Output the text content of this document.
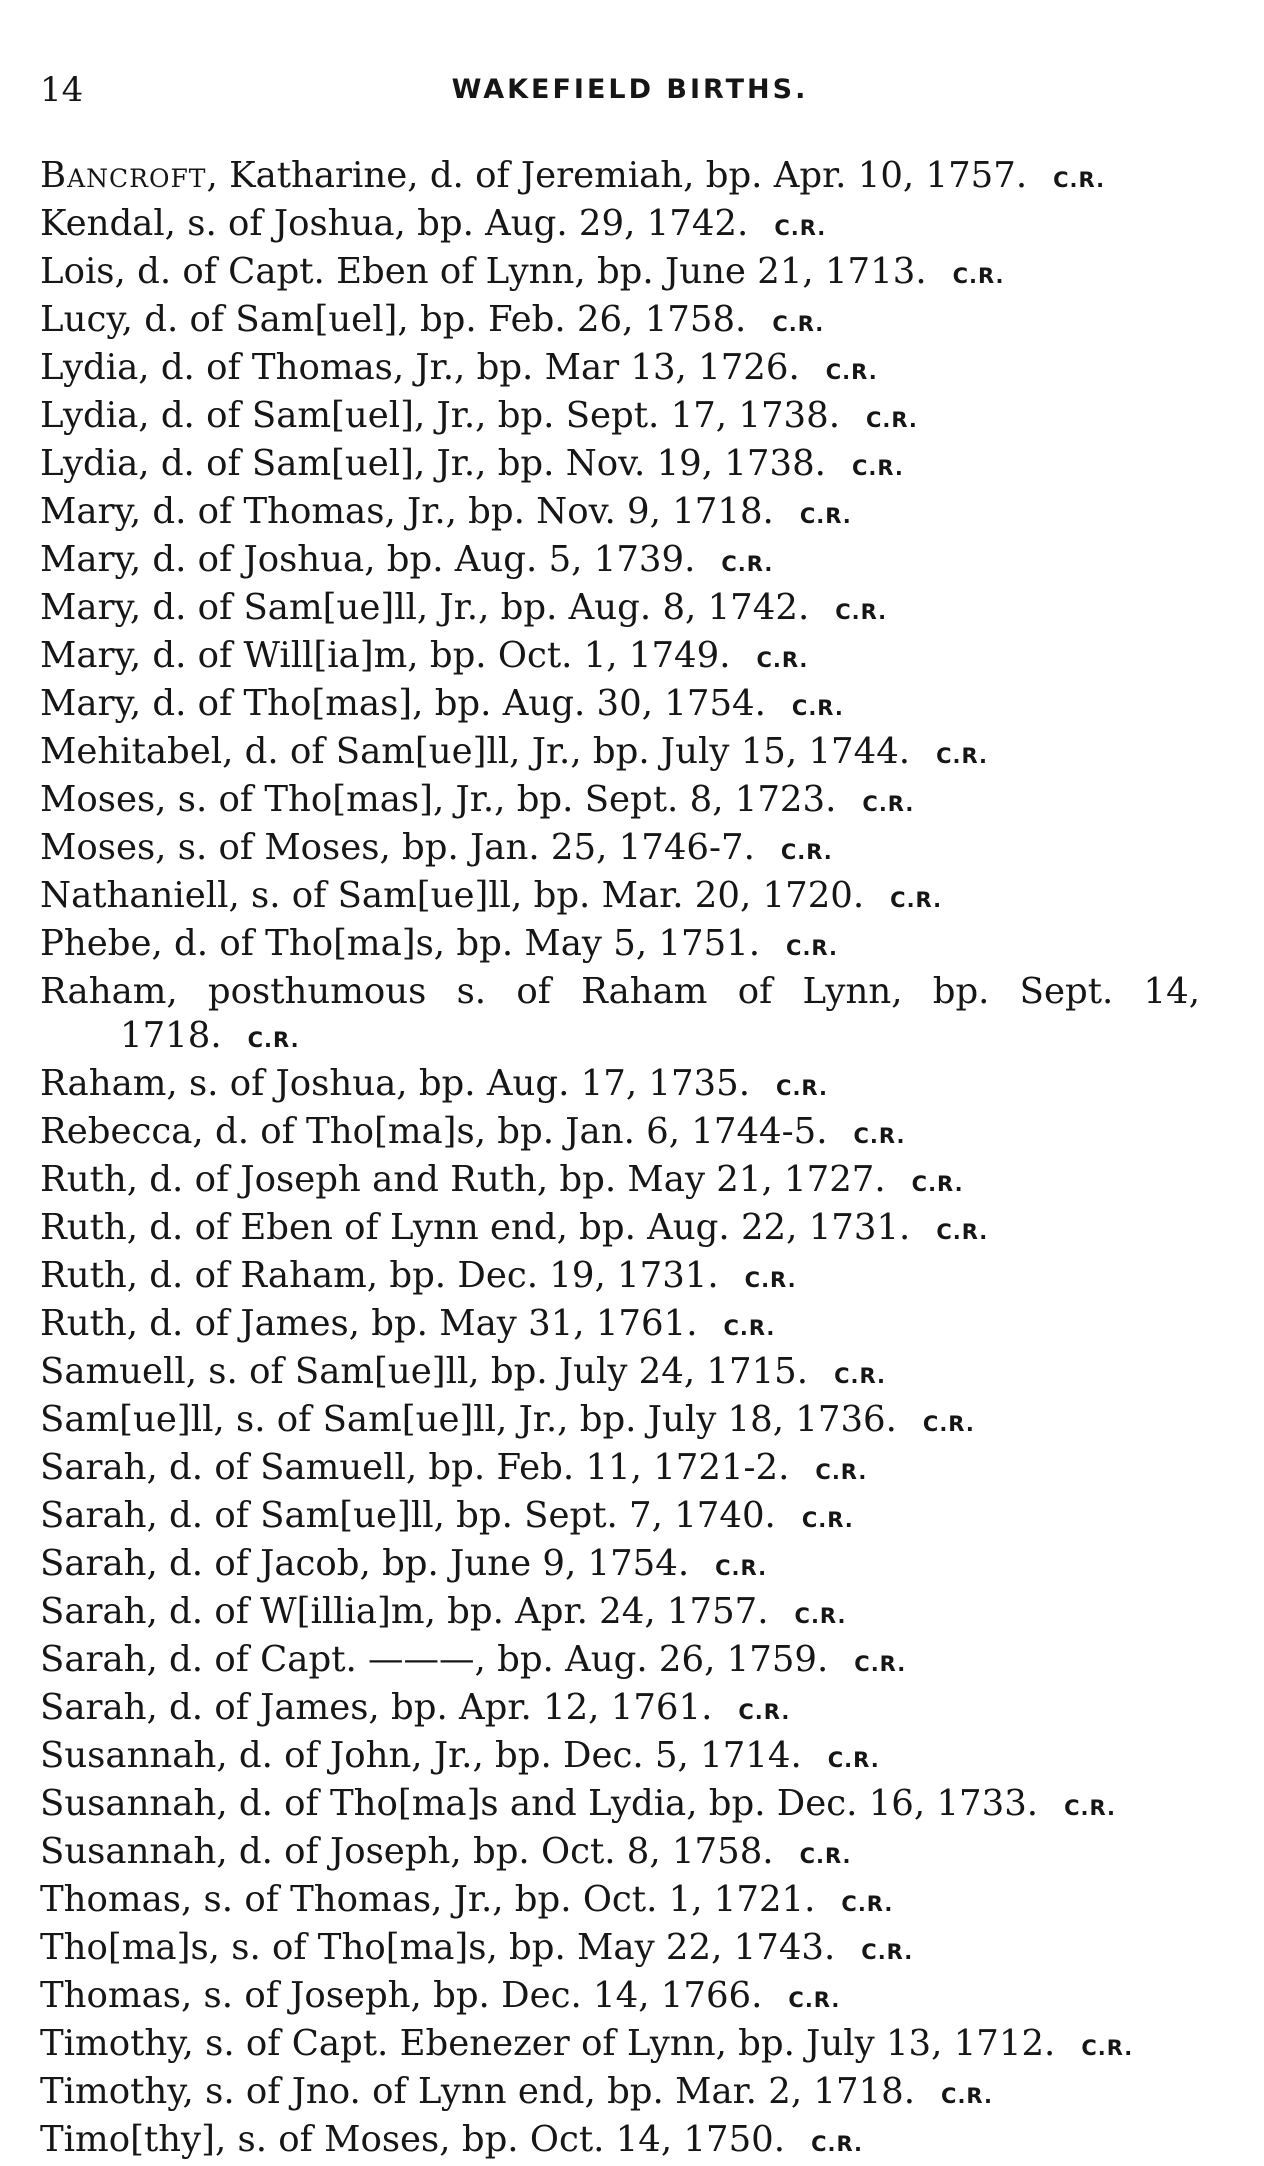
14	WAKEFIELD BIRTHS.
Bancroft, Katharine, d. of Jeremiah, bp. Apr. 10, 1757. C.R.
Kendal, s. of Joshua, bp. Aug. 29, 1742. C.R.
Lois, d. of Capt. Eben of Lynn, bp. June 21, 1713. C.R.
Lucy, d. of Sam[uel], bp. Feb. 26, 1758. C.R.
Lydia, d. of Thomas, Jr., bp. Mar 13, 1726. C.R.
Lydia, d. of Sam[uel], Jr., bp. Sept. 17, 1738. C.R.
Lydia, d. of Sam[uel], Jr., bp. Nov. 19, 1738. C.R.
Mary, d. of Thomas, Jr., bp. Nov. 9, 1718. C.R.
Mary, d. of Joshua, bp. Aug. 5, 1739. C.R.
Mary, d. of Sam[ue]ll, Jr., bp. Aug. 8, 1742. C.R.
Mary, d. of Will[ia]m, bp. Oct. 1, 1749. C.R.
Mary, d. of Tho[mas], bp. Aug. 30, 1754. C.R.
Mehitabel, d. of Sam[ue]ll, Jr., bp. July 15, 1744. C.R.
Moses, s. of Tho[mas], Jr., bp. Sept. 8, 1723. C.R.
Moses, s. of Moses, bp. Jan. 25, 1746-7. C.R.
Nathaniell, s. of Sam[ue]ll, bp. Mar. 20, 1720. C.R.
Phebe, d. of Tho[ma]s, bp. May 5, 1751. C.R.
Raham, posthumous s. of Raham of Lynn, bp. Sept. 14, 1718. C.R.
Raham, s. of Joshua, bp. Aug. 17, 1735. C.R.
Rebecca, d. of Tho[ma]s, bp. Jan. 6, 1744-5. C.R.
Ruth, d. of Joseph and Ruth, bp. May 21, 1727. C.R.
Ruth, d. of Eben of Lynn end, bp. Aug. 22, 1731. C.R.
Ruth, d. of Raham, bp. Dec. 19, 1731. C.R.
Ruth, d. of James, bp. May 31, 1761. C.R.
Samuell, s. of Sam[ue]ll, bp. July 24, 1715. C.R.
Sam[ue]ll, s. of Sam[ue]ll, Jr., bp. July 18, 1736. C.R.
Sarah, d. of Samuell, bp. Feb. 11, 1721-2. C.R.
Sarah, d. of Sam[ue]ll, bp. Sept. 7, 1740. C.R.
Sarah, d. of Jacob, bp. June 9, 1754. C.R.
Sarah, d. of W[illia]m, bp. Apr. 24, 1757. C.R.
Sarah, d. of Capt. ———, bp. Aug. 26, 1759. C.R.
Sarah, d. of James, bp. Apr. 12, 1761. C.R.
Susannah, d. of John, Jr., bp. Dec. 5, 1714. C.R.
Susannah, d. of Tho[ma]s and Lydia, bp. Dec. 16, 1733. C.R.
Susannah, d. of Joseph, bp. Oct. 8, 1758. C.R.
Thomas, s. of Thomas, Jr., bp. Oct. 1, 1721. C.R.
Tho[ma]s, s. of Tho[ma]s, bp. May 22, 1743. C.R.
Thomas, s. of Joseph, bp. Dec. 14, 1766. C.R.
Timothy, s. of Capt. Ebenezer of Lynn, bp. July 13, 1712. C.R.
Timothy, s. of Jno. of Lynn end, bp. Mar. 2, 1718. C.R.
Timo[thy], s. of Moses, bp. Oct. 14, 1750. C.R.
